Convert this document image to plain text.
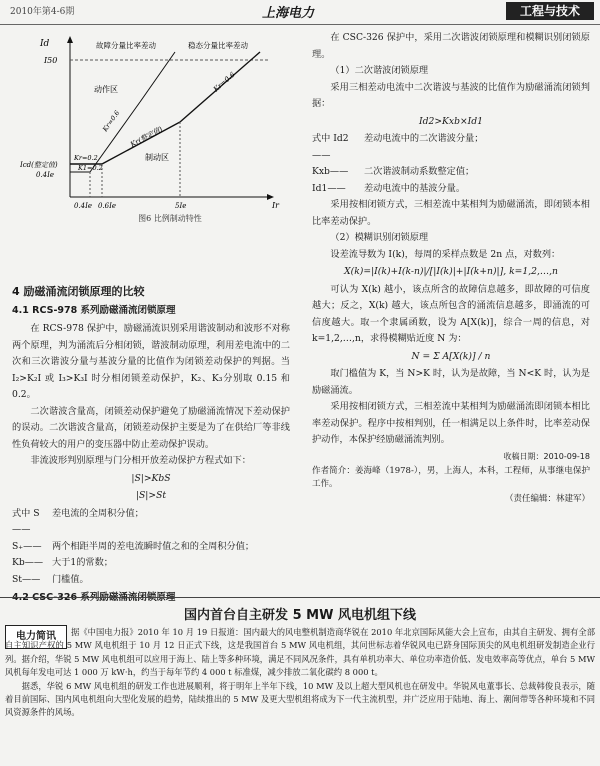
2010年第4-6期	上海电力	工程与技术
Id
I50
Icd(整定值)
0.4Ie
0.4Ie 0.6Ie	5Ie	Ir
动作区
制动区
故障分量比率差动	稳态分量比率差动
Kr=0.6
Kr(整定值)
Kr=0.2
K1=0.2
Kr=0.6
图6 比例制动特性
4 励磁涌流闭锁原理的比较
4.1 RCS-978 系列励磁涌流闭锁原理

在 RCS-978 保护中，励磁涌流识别采用谐波制动和波形不对称两个原理，判为涌流后分相闭锁，谐波制动原理，利用差电流中的二次和三次谐波分量与基波分量的比值作为闭锁差动保护的判据。当 I₂>K₂I 或 I₃>K₃I 时分相闭锁差动保护，K₂、K₃分别取 0.15 和 0.2。

二次谐波含量高，闭锁差动保护避免了励磁涌流情况下差动保护的误动。二次谐波含量高，闭锁差动保护主要是为了在供给厂等非线性负荷较大的用户的变压器中防止差动保护误动。

非流波形判别原理与门分相开放差动保护方程式如下：

|S|>KbS
|S|>St
式中 S——
差电流的全周积分值；
S₊——	两个相距半周的差电流瞬时值之和的全周积分值；
Kb—— 大于1的常数；
St——	门槛值。
4.2 CSC-326 系列励磁涌流闭锁原理

在 CSC-326 保护中，采用二次谐波闭锁原理和模糊识别闭锁原理。

（1）二次谐波闭锁原理

采用三相差动电流中二次谐波与基波的比值作为励磁涌流闭锁判据：

Id2>Kxb×Id1
式中 Id2——
差动电流中的二次谐波分量；
Kxb——	二次谐波制动系数整定值；
Id1——	差动电流中的基波分量。

采用按相闭锁方式，三相差流中某相判为励磁涌流，即闭锁本相比率差动保护。

（2）模糊识别闭锁原理

设差流导数为 I(k)，每周的采样点数是 2n 点，对数列：

X(k)=|I(k)+I(k-n)|/[|I(k)|+|I(k+n)|], k=1,2,…,n

可认为 X(k) 越小，该点所含的故障信息越多，即故障的可信度越大；反之，X(k) 越大，该点所包含的涌流信息越多，即涌流的可信度越大。取一个隶属函数，设为 A[X(k)]，综合一周的信息，对 k=1,2,…,n，求得模糊贴近度 N 为：

N = Σ A[X(k)] / n

取门槛值为 K，当 N>K 时，认为是故障，当 N<K 时，认为是励磁涌流。

采用按相闭锁方式，三相差流中某相判为励磁涌流即闭锁本相比率差动保护。程序中按相判别，任一相满足以上条件时，比率差动保护动作，本保护经励磁涌流判别。

收稿日期：2010-09-18

作者简介：姜海峰（1978-），男，上海人，本科，工程师，从事继电保护工作。

（责任编辑：林建军）
国内首台自主研发 5 MW 风电机组下线
电力简讯	据《中国电力报》2010 年 10 月 19 日报道：国内最大的风电整机制造商华锐在 2010 年北京国际风能大会上宣布，由其自主研发、拥有全部自主知识产权的 5 MW 风电机组于 10 月 12 日正式下线，这是我国首台 5 MW 风电机组，其问世标志着华锐风电已跻身国际顶尖的风电机组研发制造企业行列。据介绍，华锐 5 MW 风电机组可以应用于海上、陆上等多种环境，满足不同风况条件，具有单机功率大、单位功率造价低、发电效率高等优点，单台 5 MW 风机每年发电可达 1 000 万 kW·h，约当于每年节约 4 000 t 标准煤，减少排放二氧化碳约 8 000 t。

据悉，华锐 6 MW 风电机组的研发工作也进展顺利，将于明年上半年下线，10 MW 及以上超大型风机也在研发中。华锐风电董事长、总裁韩俊良表示，随着目前国际、国内风电机组向大型化发展的趋势，陆续推出的 5 MW 及更大型机组将成为下一代主流机型，并广泛应用于陆地、海上、潮间带等各种环境和不同风资源条件的风场。
